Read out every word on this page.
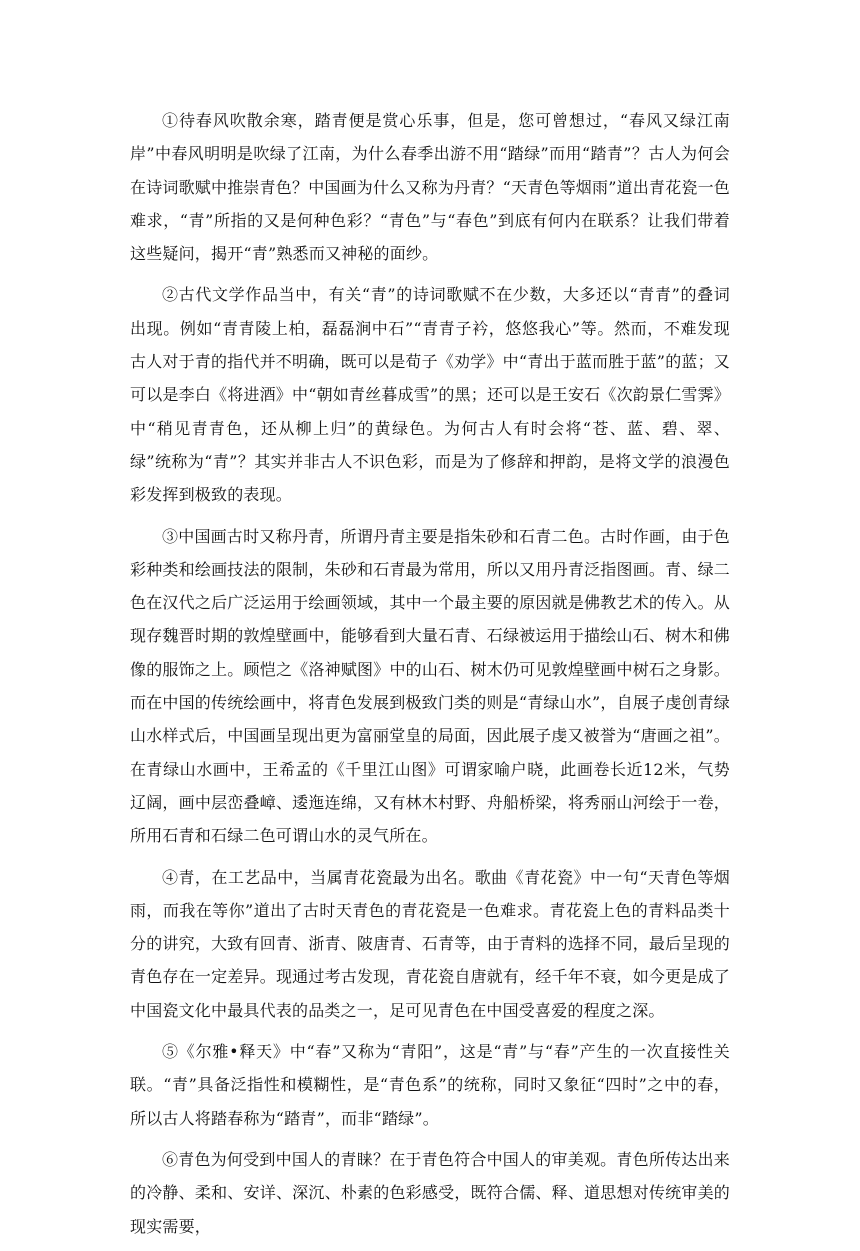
①待春风吹散余寒，踏青便是赏心乐事，但是，您可曾想过，“春风又绿江南岸”中春风明明是吹绿了江南，为什么春季出游不用“踏绿”而用“踏青”？古人为何会在诗词歌赋中推崇青色？中国画为什么又称为丹青？“天青色等烟雨”道出青花瓷一色难求，“青”所指的又是何种色彩？“青色”与“春色”到底有何内在联系？让我们带着这些疑问，揭开“青”熟悉而又神秘的面纱。

②古代文学作品当中，有关“青”的诗词歌赋不在少数，大多还以“青青”的叠词出现。例如“青青陵上柏，磊磊涧中石”“青青子衿，悠悠我心”等。然而，不难发现古人对于青的指代并不明确，既可以是荀子《劝学》中“青出于蓝而胜于蓝”的蓝；又可以是李白《将进酒》中“朝如青丝暮成雪”的黑；还可以是王安石《次韵景仁雪霁》中“稍见青青色，还从柳上归”的黄绿色。为何古人有时会将“苍、蓝、碧、翠、绿”统称为“青”？其实并非古人不识色彩，而是为了修辞和押韵，是将文学的浪漫色彩发挥到极致的表现。

③中国画古时又称丹青，所谓丹青主要是指朱砂和石青二色。古时作画，由于色彩种类和绘画技法的限制，朱砂和石青最为常用，所以又用丹青泛指图画。青、绿二色在汉代之后广泛运用于绘画领域，其中一个最主要的原因就是佛教艺术的传入。从现存魏晋时期的敦煌壁画中，能够看到大量石青、石绿被运用于描绘山石、树木和佛像的服饰之上。顾恺之《洛神赋图》中的山石、树木仍可见敦煌壁画中树石之身影。而在中国的传统绘画中，将青色发展到极致门类的则是“青绿山水”，自展子虔创青绿山水样式后，中国画呈现出更为富丽堂皇的局面，因此展子虔又被誉为“唐画之祖”。在青绿山水画中，王希孟的《千里江山图》可谓家喻户晓，此画卷长近12米，气势辽阔，画中层峦叠嶂、逶迤连绵，又有林木村野、舟船桥梁，将秀丽山河绘于一卷，所用石青和石绿二色可谓山水的灵气所在。

④青，在工艺品中，当属青花瓷最为出名。歌曲《青花瓷》中一句“天青色等烟雨，而我在等你”道出了古时天青色的青花瓷是一色难求。青花瓷上色的青料品类十分的讲究，大致有回青、浙青、陂唐青、石青等，由于青料的选择不同，最后呈现的青色存在一定差异。现通过考古发现，青花瓷自唐就有，经千年不衰，如今更是成了中国瓷文化中最具代表的品类之一，足可见青色在中国受喜爱的程度之深。

⑤《尔雅•释天》中“春”又称为“青阳”，这是“青”与“春”产生的一次直接性关联。“青”具备泛指性和模糊性，是“青色系”的统称，同时又象征“四时”之中的春，所以古人将踏春称为“踏青”，而非“踏绿”。

⑥青色为何受到中国人的青睐？在于青色符合中国人的审美观。青色所传达出来的冷静、柔和、安详、深沉、朴素的色彩感受，既符合儒、释、道思想对传统审美的现实需要，
